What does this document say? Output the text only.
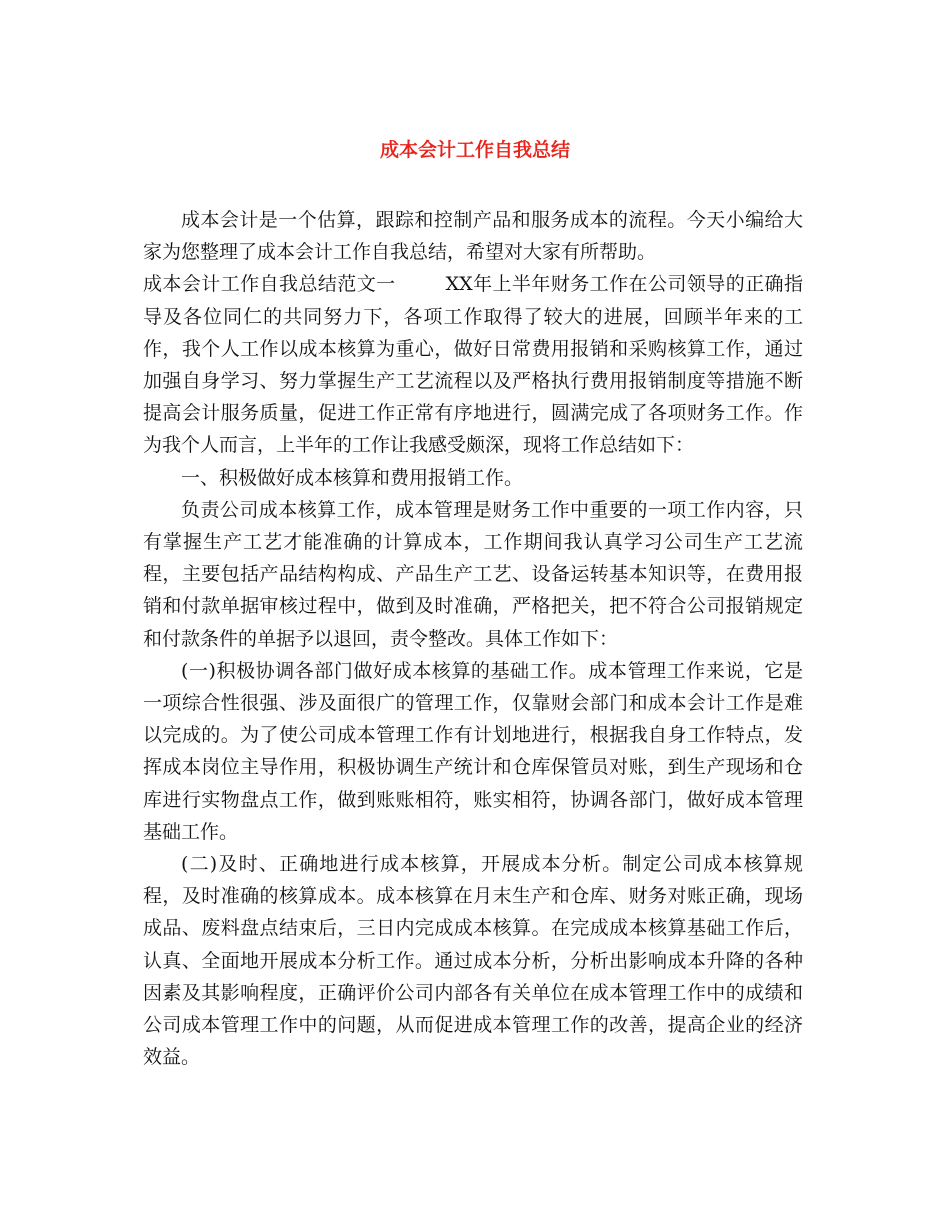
成本会计工作自我总结

成本会计是一个估算，跟踪和控制产品和服务成本的流程。今天小编给大家为您整理了成本会计工作自我总结，希望对大家有所帮助。

成本会计工作自我总结范文一	XX年上半年财务工作在公司领导的正确指导及各位同仁的共同努力下，各项工作取得了较大的进展，回顾半年来的工作，我个人工作以成本核算为重心，做好日常费用报销和采购核算工作，通过加强自身学习、努力掌握生产工艺流程以及严格执行费用报销制度等措施不断提高会计服务质量，促进工作正常有序地进行，圆满完成了各项财务工作。作为我个人而言，上半年的工作让我感受颇深，现将工作总结如下：

一、积极做好成本核算和费用报销工作。

负责公司成本核算工作，成本管理是财务工作中重要的一项工作内容，只有掌握生产工艺才能准确的计算成本，工作期间我认真学习公司生产工艺流程，主要包括产品结构构成、产品生产工艺、设备运转基本知识等，在费用报销和付款单据审核过程中，做到及时准确，严格把关，把不符合公司报销规定和付款条件的单据予以退回，责令整改。具体工作如下：

(一)积极协调各部门做好成本核算的基础工作。成本管理工作来说，它是一项综合性很强、涉及面很广的管理工作，仅靠财会部门和成本会计工作是难以完成的。为了使公司成本管理工作有计划地进行，根据我自身工作特点，发挥成本岗位主导作用，积极协调生产统计和仓库保管员对账，到生产现场和仓库进行实物盘点工作，做到账账相符，账实相符，协调各部门，做好成本管理基础工作。

(二)及时、正确地进行成本核算，开展成本分析。制定公司成本核算规程，及时准确的核算成本。成本核算在月末生产和仓库、财务对账正确，现场成品、废料盘点结束后，三日内完成成本核算。在完成成本核算基础工作后，认真、全面地开展成本分析工作。通过成本分析，分析出影响成本升降的各种因素及其影响程度，正确评价公司内部各有关单位在成本管理工作中的成绩和公司成本管理工作中的问题，从而促进成本管理工作的改善，提高企业的经济效益。
